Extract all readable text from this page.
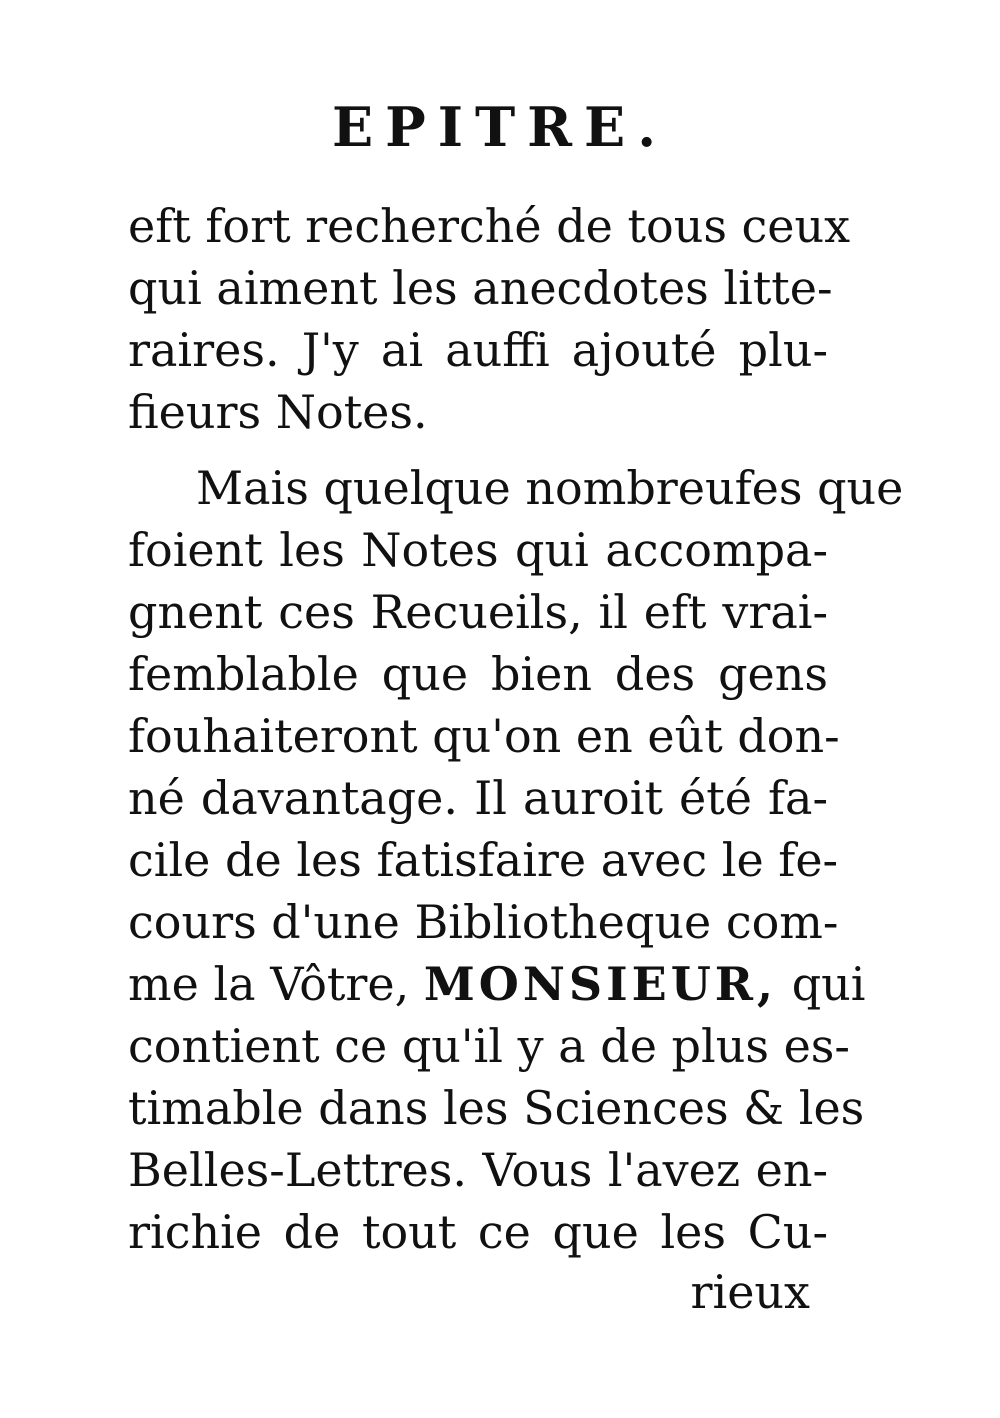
EPITRE.
eft fort recherché de tous ceux
qui aiment les anecdotes litte-
raires. J'y ai auffi ajouté plu-
fieurs Notes.
Mais quelque nombreufes que
foient les Notes qui accompa-
gnent ces Recueils, il eft vrai-
femblable que bien des gens
fouhaiteront qu'on en eût don-
né davantage. Il auroit été fa-
cile de les fatisfaire avec le fe-
cours d'une Bibliotheque com-
me la Vôtre, MONSIEUR, qui
contient ce qu'il y a de plus es-
timable dans les Sciences & les
Belles-Lettres. Vous l'avez en-
richie de tout ce que les Cu-
rieux
